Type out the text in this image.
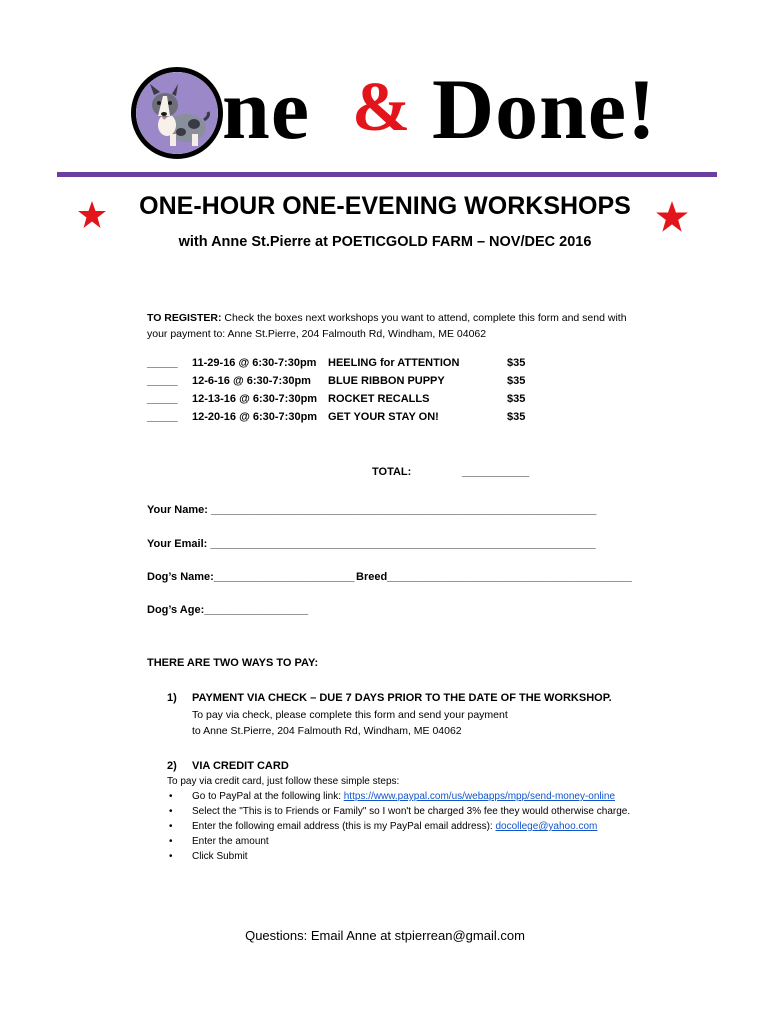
ne & Done!
ONE-HOUR ONE-EVENING WORKSHOPS
with Anne St.Pierre at POETICGOLD FARM – NOV/DEC 2016
TO REGISTER: Check the boxes next workshops you want to attend, complete this form and send with your payment to: Anne St.Pierre, 204 Falmouth Rd, Windham, ME 04062
_____ 11-29-16 @ 6:30-7:30pm HEELING for ATTENTION	$35
_____ 12-6-16 @ 6:30-7:30pm BLUE RIBBON PUPPY	$35
_____ 12-13-16 @ 6:30-7:30pm ROCKET RECALLS	$35
_____ 12-20-16 @ 6:30-7:30pm GET YOUR STAY ON!	$35
TOTAL:	___________
Your Name: _______________________________________________________________
Your Email: _______________________________________________________________
Dog’s Name:_______________________ Breed________________________________________
Dog’s Age:_________________
THERE ARE TWO WAYS TO PAY:
1) PAYMENT VIA CHECK – DUE 7 DAYS PRIOR TO THE DATE OF THE WORKSHOP.
To pay via check, please complete this form and send your payment
to Anne St.Pierre, 204 Falmouth Rd, Windham, ME 04062
2) VIA CREDIT CARD
To pay via credit card, just follow these simple steps:
• Go to PayPal at the following link: https://www.paypal.com/us/webapps/mpp/send-money-online
• Select the "This is to Friends or Family" so I won't be charged 3% fee they would otherwise charge.
• Enter the following email address (this is my PayPal email address): docollege@yahoo.com
• Enter the amount
• Click Submit
Questions: Email Anne at stpierrean@gmail.com
